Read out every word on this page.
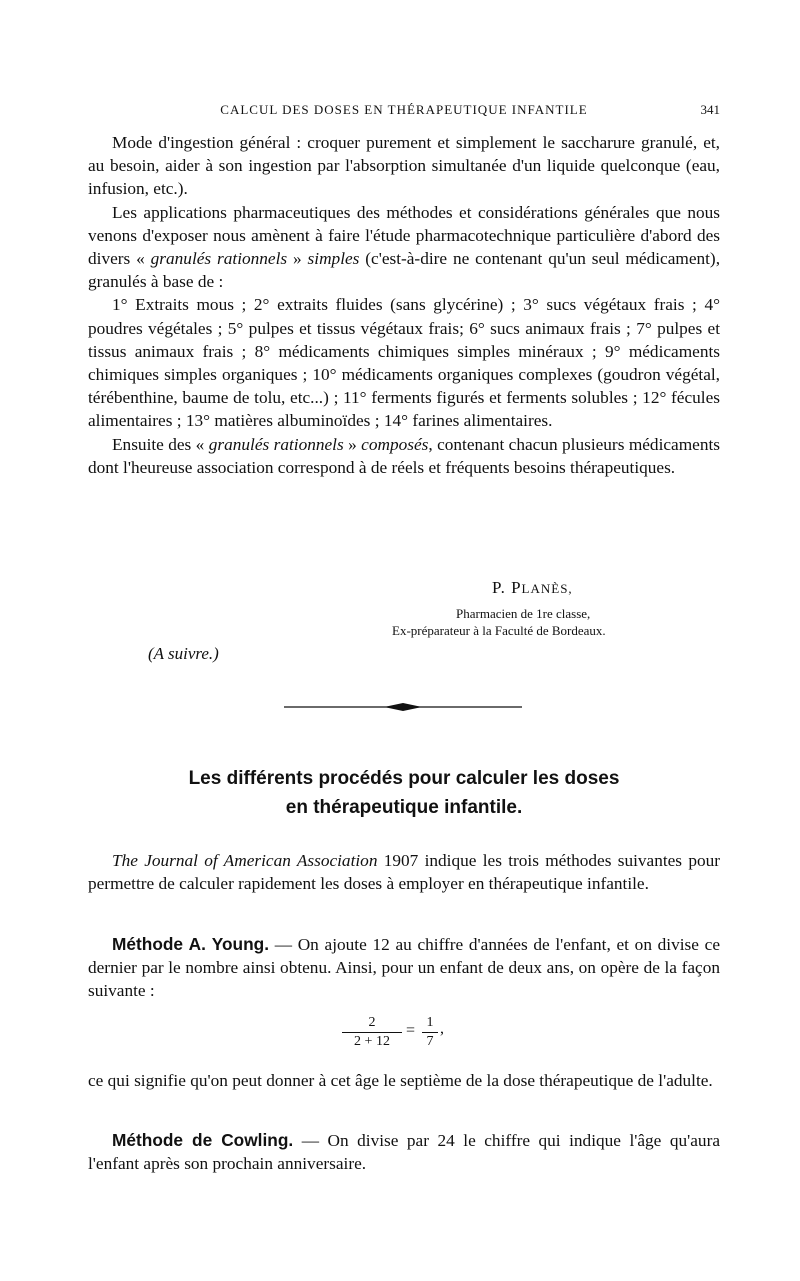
CALCUL DES DOSES EN THÉRAPEUTIQUE INFANTILE	341

Mode d'ingestion général : croquer purement et simplement le saccharure granulé, et, au besoin, aider à son ingestion par l'absorption simultanée d'un liquide quelconque (eau, infusion, etc.).

Les applications pharmaceutiques des méthodes et considérations générales que nous venons d'exposer nous amènent à faire l'étude pharmacotechnique particulière d'abord des divers « granulés rationnels » simples (c'est-à-dire ne contenant qu'un seul médicament), granulés à base de :

1° Extraits mous ; 2° extraits fluides (sans glycérine) ; 3° sucs végétaux frais ; 4° poudres végétales ; 5° pulpes et tissus végétaux frais; 6° sucs animaux frais ; 7° pulpes et tissus animaux frais ; 8° médicaments chimiques simples minéraux ; 9° médicaments chimiques simples organiques ; 10° médicaments organiques complexes (goudron végétal, térébenthine, baume de tolu, etc...) ; 11° ferments figurés et ferments solubles ; 12° fécules alimentaires ; 13° matières albuminoïdes ; 14° farines alimentaires.

Ensuite des « granulés rationnels » composés, contenant chacun plusieurs médicaments dont l'heureuse association correspond à de réels et fréquents besoins thérapeutiques.

P. PLANÈS,
Pharmacien de 1re classe,
Ex-préparateur à la Faculté de Bordeaux.
(A suivre.)
Les différents procédés pour calculer les doses
en thérapeutique infantile.

The Journal of American Association 1907 indique les trois méthodes suivantes pour permettre de calculer rapidement les doses à employer en thérapeutique infantile.

Méthode A. Young. — On ajoute 12 au chiffre d'années de l'enfant, et on divise ce dernier par le nombre ainsi obtenu. Ainsi, pour un enfant de deux ans, on opère de la façon suivante :

$\frac{2}{2 + 12} = \frac{1}{7}$ ,

ce qui signifie qu'on peut donner à cet âge le septième de la dose thérapeutique de l'adulte.

Méthode de Cowling. — On divise par 24 le chiffre qui indique l'âge qu'aura l'enfant après son prochain anniversaire.
